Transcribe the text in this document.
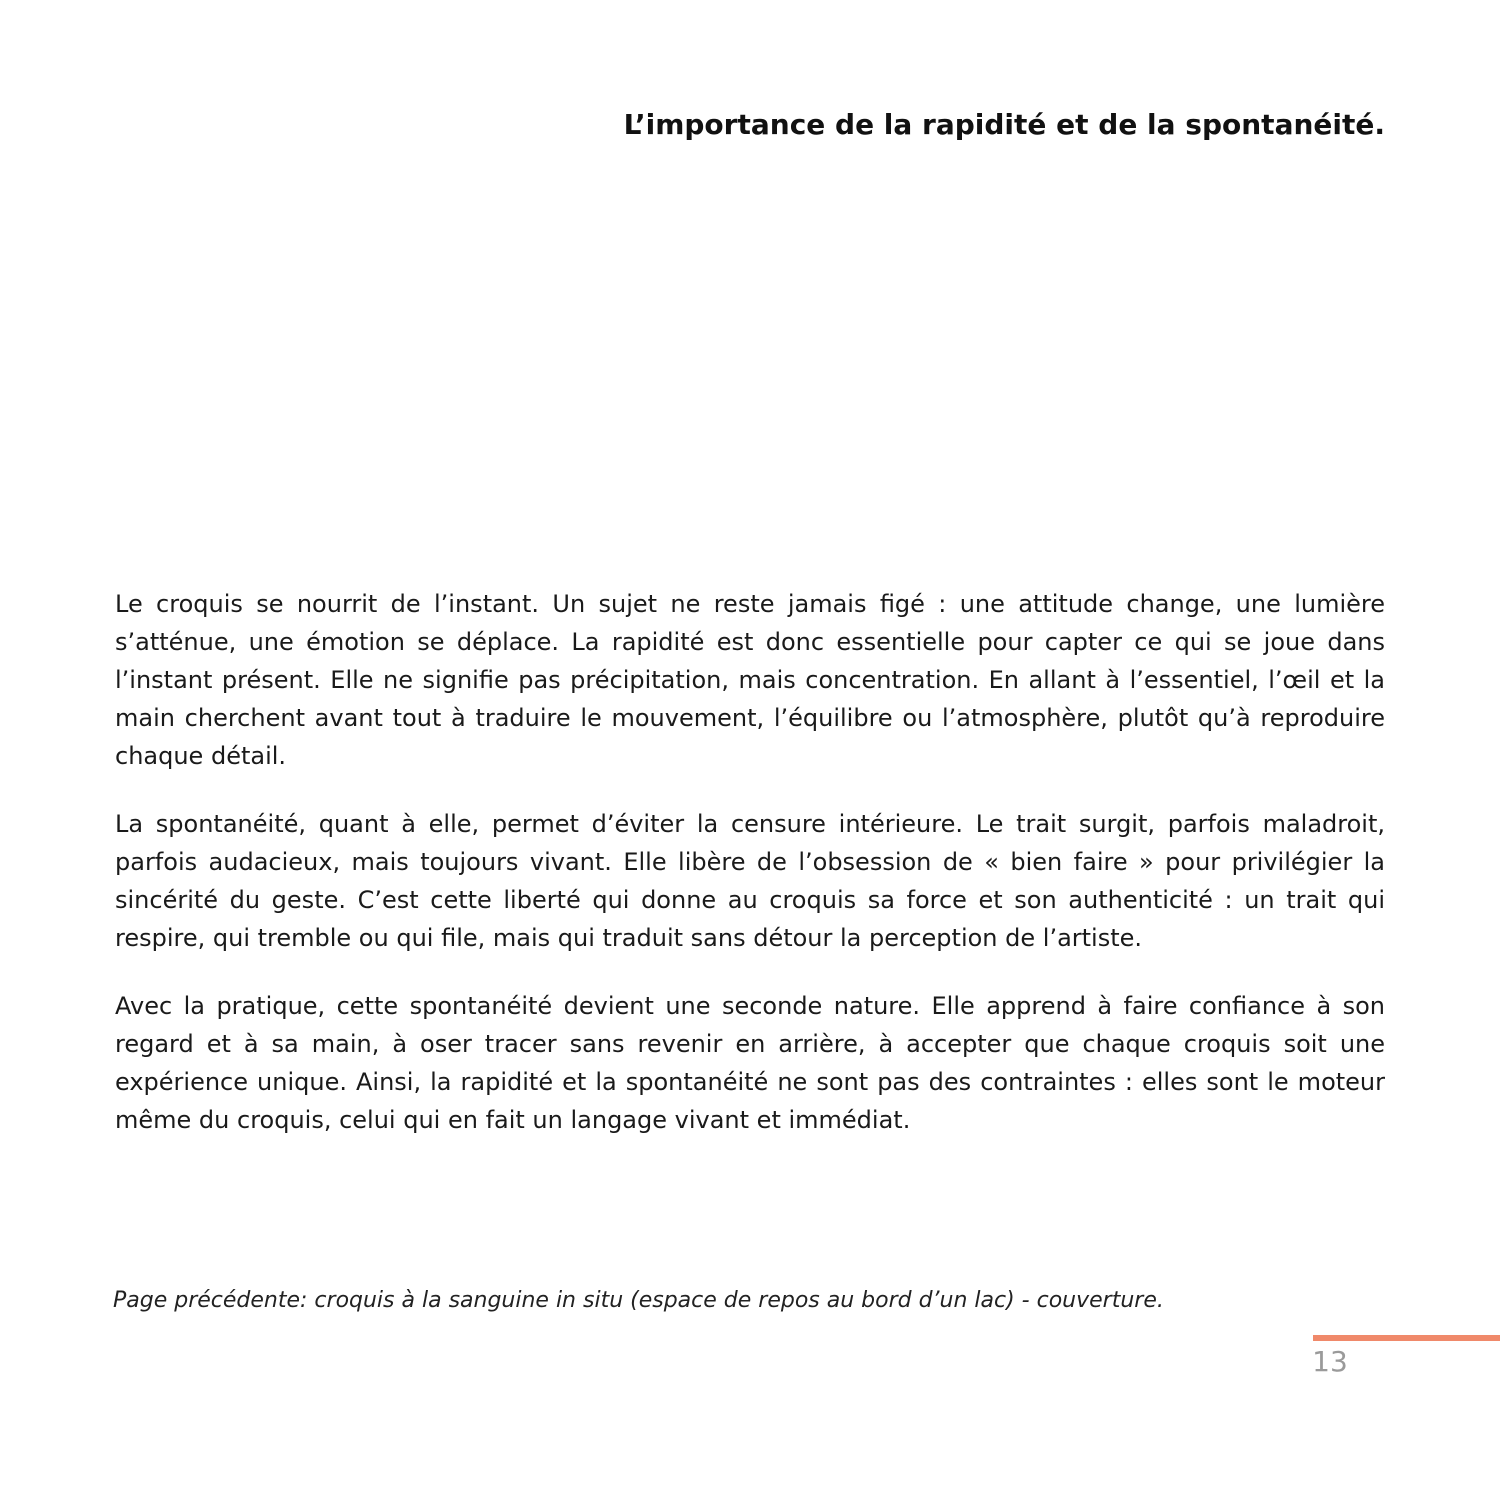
L’importance de la rapidité et de la spontanéité.

Le croquis se nourrit de l’instant. Un sujet ne reste jamais figé : une attitude change, une lumière s’atténue, une émotion se déplace. La rapidité est donc essentielle pour capter ce qui se joue dans l’instant présent. Elle ne signifie pas précipitation, mais concentration. En allant à l’essentiel, l’œil et la main cherchent avant tout à traduire le mouvement, l’équilibre ou l’atmosphère, plutôt qu’à reproduire chaque détail.

La spontanéité, quant à elle, permet d’éviter la censure intérieure. Le trait surgit, parfois maladroit, parfois audacieux, mais toujours vivant. Elle libère de l’obsession de « bien faire » pour privilégier la sincérité du geste. C’est cette liberté qui donne au croquis sa force et son authenticité : un trait qui respire, qui tremble ou qui file, mais qui traduit sans détour la perception de l’artiste.

Avec la pratique, cette spontanéité devient une seconde nature. Elle apprend à faire confiance à son regard et à sa main, à oser tracer sans revenir en arrière, à accepter que chaque croquis soit une expérience unique. Ainsi, la rapidité et la spontanéité ne sont pas des contraintes : elles sont le moteur même du croquis, celui qui en fait un langage vivant et immédiat.

Page précédente: croquis à la sanguine in situ (espace de repos au bord d’un lac) - couverture.

13
